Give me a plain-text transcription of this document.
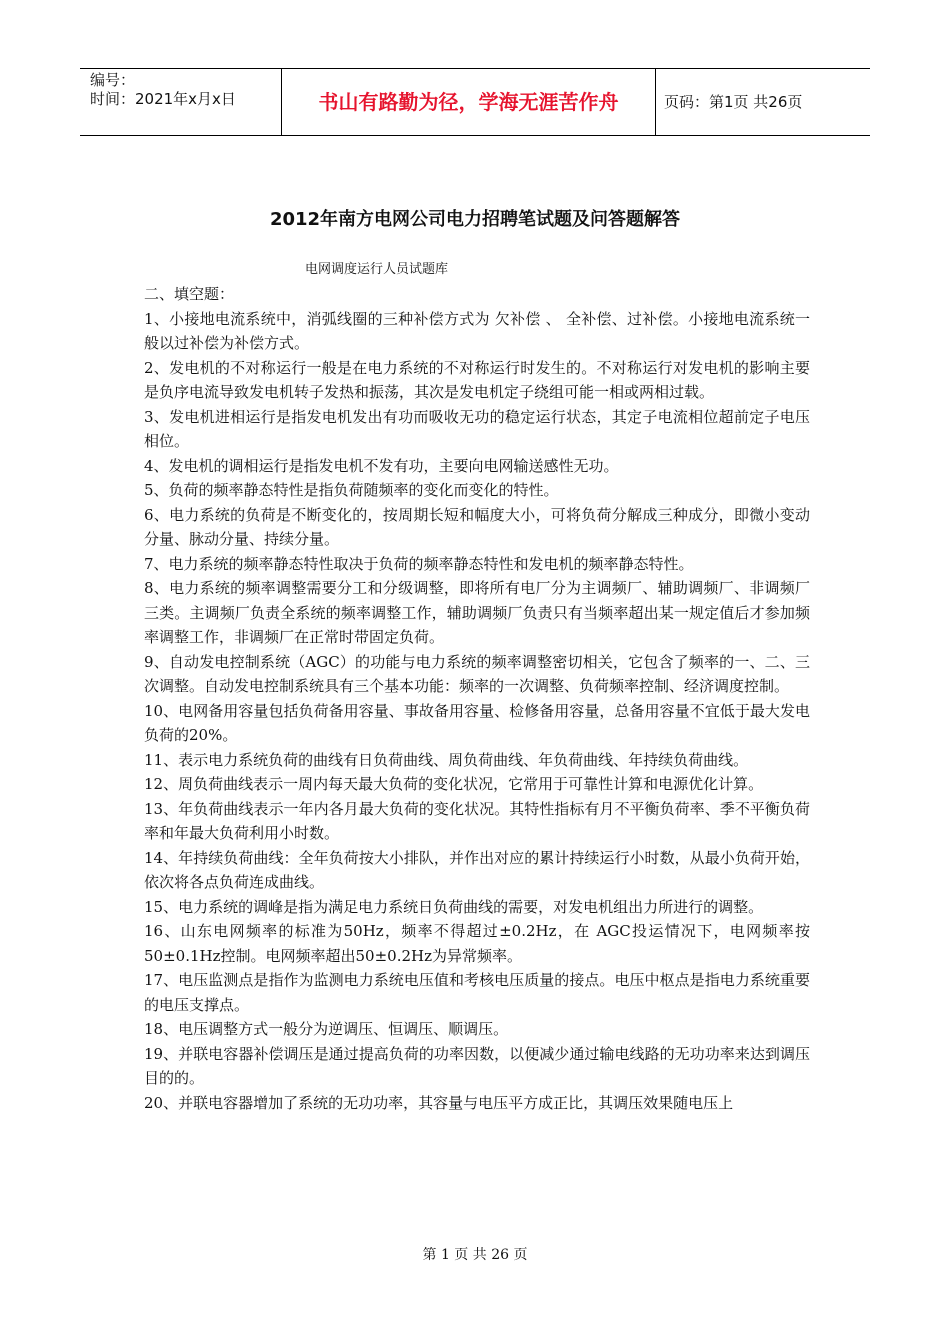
编号：
时间：2021年x月x日	书山有路勤为径，学海无涯苦作舟	页码：第1页 共26页
2012年南方电网公司电力招聘笔试题及问答题解答
电网调度运行人员试题库

二、填空题：

1、小接地电流系统中，消弧线圈的三种补偿方式为 欠补偿 、 全补偿、过补偿。小接地电流系统一般以过补偿为补偿方式。

2、发电机的不对称运行一般是在电力系统的不对称运行时发生的。不对称运行对发电机的影响主要是负序电流导致发电机转子发热和振荡，其次是发电机定子绕组可能一相或两相过载。

3、发电机进相运行是指发电机发出有功而吸收无功的稳定运行状态，其定子电流相位超前定子电压相位。

4、发电机的调相运行是指发电机不发有功，主要向电网输送感性无功。

5、负荷的频率静态特性是指负荷随频率的变化而变化的特性。

6、电力系统的负荷是不断变化的，按周期长短和幅度大小，可将负荷分解成三种成分，即微小变动分量、脉动分量、持续分量。

7、电力系统的频率静态特性取决于负荷的频率静态特性和发电机的频率静态特性。

8、电力系统的频率调整需要分工和分级调整，即将所有电厂分为主调频厂、辅助调频厂、非调频厂三类。主调频厂负责全系统的频率调整工作，辅助调频厂负责只有当频率超出某一规定值后才参加频率调整工作，非调频厂在正常时带固定负荷。

9、自动发电控制系统（AGC）的功能与电力系统的频率调整密切相关，它包含了频率的一、二、三次调整。自动发电控制系统具有三个基本功能：频率的一次调整、负荷频率控制、经济调度控制。

10、电网备用容量包括负荷备用容量、事故备用容量、检修备用容量，总备用容量不宜低于最大发电负荷的20%。

11、表示电力系统负荷的曲线有日负荷曲线、周负荷曲线、年负荷曲线、年持续负荷曲线。

12、周负荷曲线表示一周内每天最大负荷的变化状况，它常用于可靠性计算和电源优化计算。

13、年负荷曲线表示一年内各月最大负荷的变化状况。其特性指标有月不平衡负荷率、季不平衡负荷率和年最大负荷利用小时数。

14、年持续负荷曲线：全年负荷按大小排队，并作出对应的累计持续运行小时数，从最小负荷开始，依次将各点负荷连成曲线。

15、电力系统的调峰是指为满足电力系统日负荷曲线的需要，对发电机组出力所进行的调整。

16、山东电网频率的标准为50Hz，频率不得超过±0.2Hz，在 AGC投运情况下，电网频率按50±0.1Hz控制。电网频率超出50±0.2Hz为异常频率。

17、电压监测点是指作为监测电力系统电压值和考核电压质量的接点。电压中枢点是指电力系统重要的电压支撑点。

18、电压调整方式一般分为逆调压、恒调压、顺调压。

19、并联电容器补偿调压是通过提高负荷的功率因数，以便减少通过输电线路的无功功率来达到调压目的的。

20、并联电容器增加了系统的无功功率，其容量与电压平方成正比，其调压效果随电压上

第 1 页 共 26 页
